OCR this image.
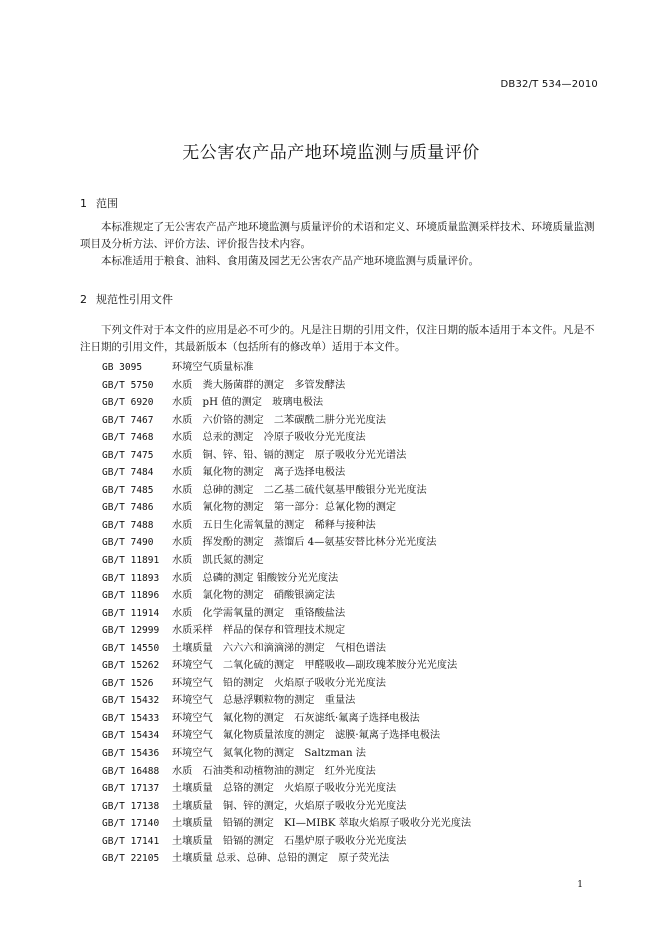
DB32/T 534—2010
无公害农产品产地环境监测与质量评价
1 范围
本标准规定了无公害农产品产地环境监测与质量评价的术语和定义、环境质量监测采样技术、环境质量监测项目及分析方法、评价方法、评价报告技术内容。
本标准适用于粮食、油料、食用菌及园艺无公害农产品产地环境监测与质量评价。
2 规范性引用文件
下列文件对于本文件的应用是必不可少的。凡是注日期的引用文件，仅注日期的版本适用于本文件。凡是不注日期的引用文件，其最新版本（包括所有的修改单）适用于本文件。
GB 3095	环境空气质量标准
GB/T 5750 水质　粪大肠菌群的测定　多管发酵法
GB/T 6920 水质　pH 值的测定　玻璃电极法
GB/T 7467 水质　六价铬的测定　二苯碳酰二肼分光光度法
GB/T 7468 水质　总汞的测定　冷原子吸收分光光度法
GB/T 7475 水质　铜、锌、铅、镉的测定　原子吸收分光光谱法
GB/T 7484 水质　氟化物的测定　离子选择电极法
GB/T 7485 水质　总砷的测定　二乙基二硫代氨基甲酸银分光光度法
GB/T 7486 水质　氰化物的测定　第一部分：总氰化物的测定
GB/T 7488 水质　五日生化需氧量的测定　稀释与接种法
GB/T 7490 水质　挥发酚的测定　蒸馏后 4—氨基安替比林分光光度法
GB/T 11891 水质　凯氏氮的测定
GB/T 11893 水质　总磷的测定 钼酸铵分光光度法
GB/T 11896 水质　氯化物的测定　硝酸银滴定法
GB/T 11914 水质　化学需氧量的测定　重铬酸盐法
GB/T 12999 水质采样　样品的保存和管理技术规定
GB/T 14550 土壤质量　六六六和滴滴涕的测定　气相色谱法
GB/T 15262 环境空气　二氧化硫的测定　甲醛吸收—副玫瑰苯胺分光光度法
GB/T 1526 环境空气　铅的测定　火焰原子吸收分光光度法
GB/T 15432 环境空气　总悬浮颗粒物的测定　重量法
GB/T 15433 环境空气　氟化物的测定　石灰滤纸·氟离子选择电极法
GB/T 15434 环境空气　氟化物质量浓度的测定　滤膜·氟离子选择电极法
GB/T 15436 环境空气　氮氧化物的测定　Saltzman 法
GB/T 16488 水质　石油类和动植物油的测定　红外光度法
GB/T 17137 土壤质量　总铬的测定　火焰原子吸收分光光度法
GB/T 17138 土壤质量　铜、锌的测定，火焰原子吸收分光光度法
GB/T 17140 土壤质量　铅镉的测定　KI—MIBK 萃取火焰原子吸收分光光度法
GB/T 17141 土壤质量　铅镉的测定　石墨炉原子吸收分光光度法
GB/T 22105 土壤质量 总汞、总砷、总铅的测定　原子荧光法
1
